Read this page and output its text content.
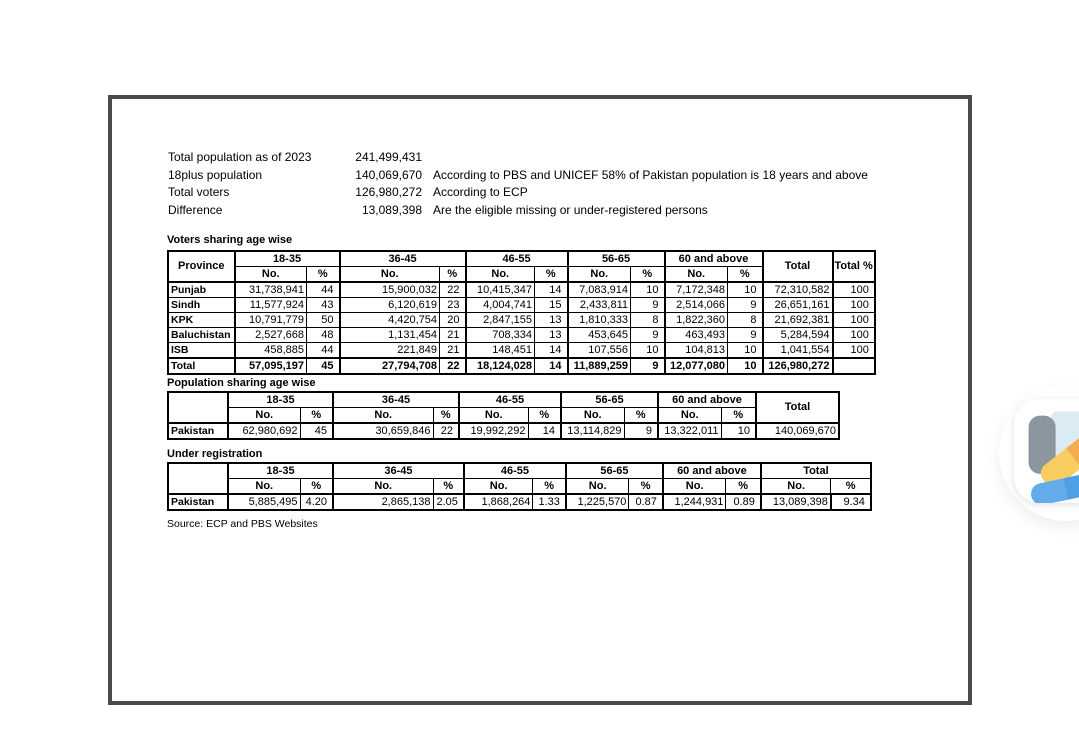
Total population as of 2023	241,499,431
18plus population	140,069,670 According to PBS and UNICEF 58% of Pakistan population is 18 years and above
Total voters	126,980,272 According to ECP
Difference	13,089,398 Are the eligible missing or under-registered persons
Voters sharing age wise
Province	18-35		36-45		46-55		56-65		60 and above		Total	Total %
	No.	%	No.	%	No.	%	No.	%	No.	%		
Punjab	31,738,941	44	15,900,032	22	10,415,347	14	7,083,914	10	7,172,348	10	72,310,582	100
Sindh	11,577,924	43	6,120,619	23	4,004,741	15	2,433,811	9	2,514,066	9	26,651,161	100
KPK	10,791,779	50	4,420,754	20	2,847,155	13	1,810,333	8	1,822,360	8	21,692,381	100
Baluchistan	2,527,668	48	1,131,454	21	708,334	13	453,645	9	463,493	9	5,284,594	100
ISB	458,885	44	221,849	21	148,451	14	107,556	10	104,813	10	1,041,554	100
Total	57,095,197	45	27,794,708	22	18,124,028	14	11,889,259	9	12,077,080	10	126,980,272	
Population sharing age wise
	18-35		36-45		46-55		56-65		60 and above		Total
	No.	%	No.	%	No.	%	No.	%	No.	%	
Pakistan	62,980,692	45	30,659,846	22	19,992,292	14	13,114,829	9	13,322,011	10	140,069,670
Under registration
	18-35		36-45		46-55		56-65		60 and above		Total	
	No.	%	No.	%	No.	%	No.	%	No.	%	No.	%
Pakistan	5,885,495	4.20	2,865,138	2.05	1,868,264	1.33	1,225,570	0.87	1,244,931	0.89	13,089,398	9.34
Source: ECP and PBS Websites
